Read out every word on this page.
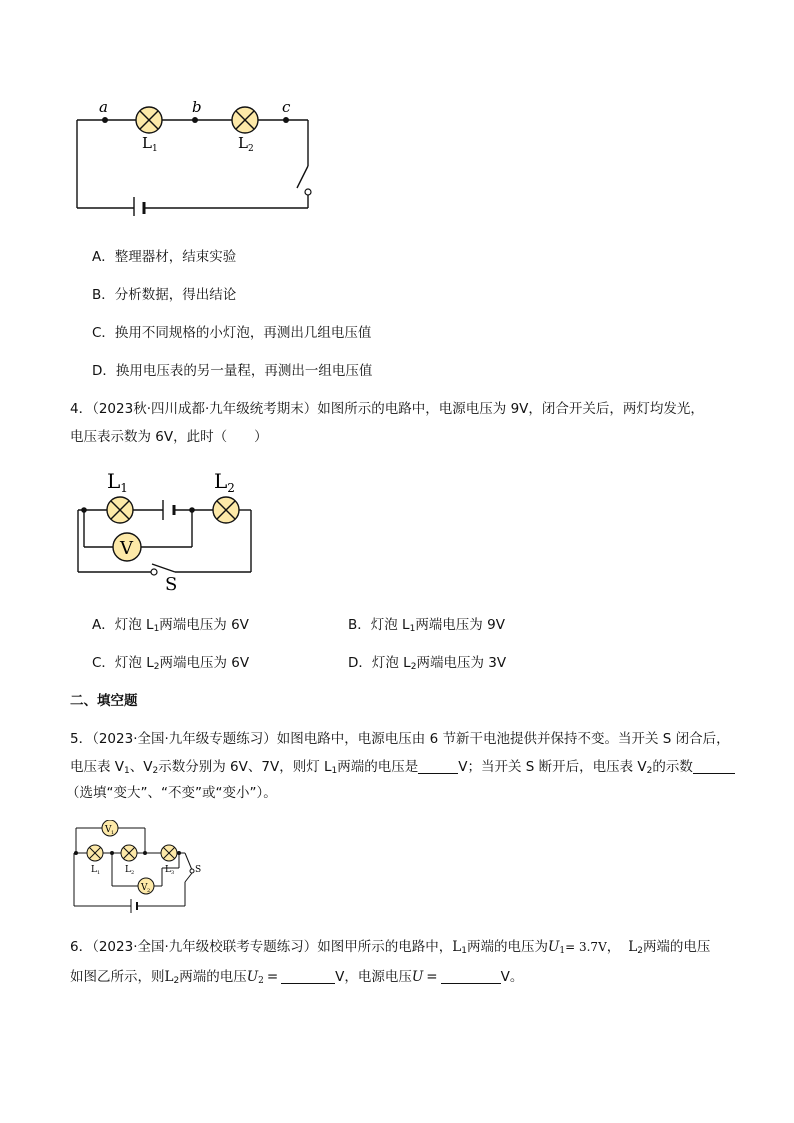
a	b	c
$L_1$	$L_2$
A．整理器材，结束实验
B．分析数据，得出结论
C．换用不同规格的小灯泡，再测出几组电压值
D．换用电压表的另一量程，再测出一组电压值
4．（2023秋·四川成都·九年级统考期末）如图所示的电路中，电源电压为 9V，闭合开关后，两灯均发光，
电压表示数为 6V，此时（　　）
V
$L_1$	$L_2$
S
A．灯泡 $L_1$两端电压为 6V	B．灯泡 $L_1$两端电压为 9V
C．灯泡 $L_2$两端电压为 6V	D．灯泡 $L_2$两端电压为 3V
二、填空题
5．（2023·全国·九年级专题练习）如图电路中，电源电压由 6 节新干电池提供并保持不变。当开关 S 闭合后，
电压表 $V_1$、$V_2$示数分别为 6V、7V，则灯 $L_1$两端的电压是	V；当开关 S 断开后，电压表 $V_2$的示数
（选填“变大”、“不变”或“变小”）。
V 1
V 2
$L_1$	$L_2$	$L_3$ S
6．（2023·全国·九年级校联考专题练习）如图甲所示的电路中，$L_1$两端的电压为$U_1= 3.7V$， $L_2$两端的电压
如图乙所示，则$L_2$两端的电压$U_2$ =	V，电源电压U =	V。
